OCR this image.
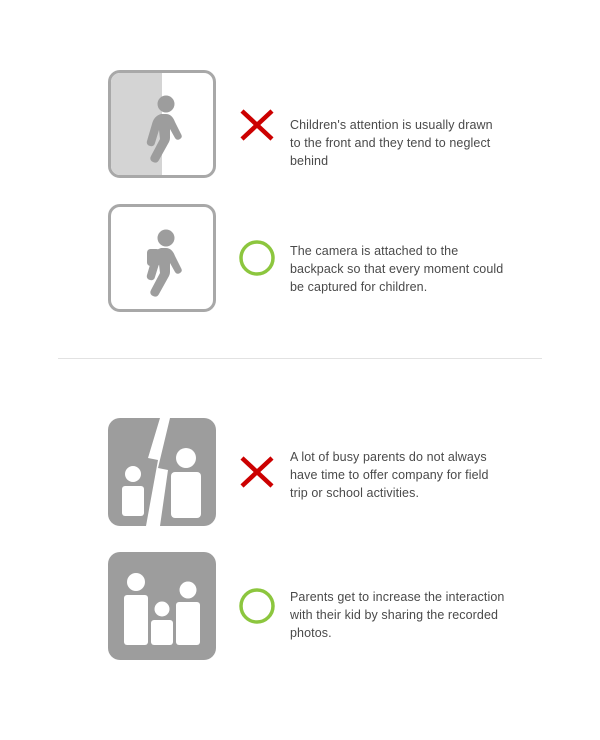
Children's attention is usually drawn to the front and they tend to neglect behind
The camera is attached to the backpack so that every moment could be captured for children.
A lot of busy parents do not always have time to offer company for field trip or school activities.
Parents get to increase the interaction with their kid by sharing the recorded photos.
